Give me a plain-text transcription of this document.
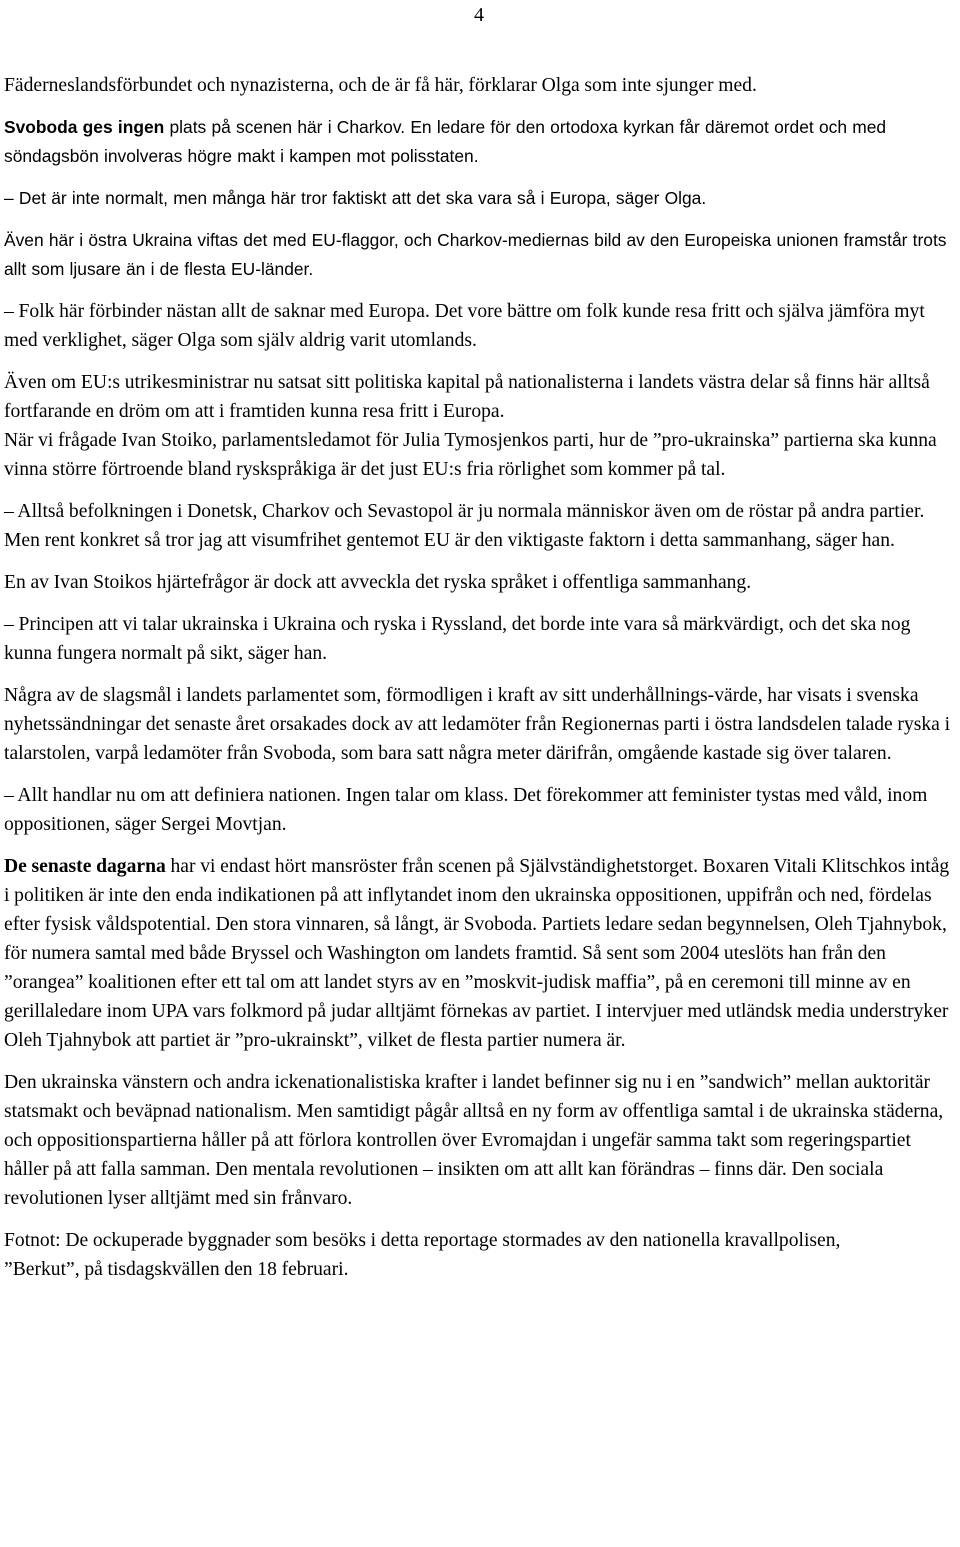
4

Fäderneslandsförbundet och nynazisterna, och de är få här, förklarar Olga som inte sjunger med.

Svoboda ges ingen plats på scenen här i Charkov. En ledare för den ortodoxa kyrkan får däremot ordet och med söndagsbön involveras högre makt i kampen mot polisstaten.

– Det är inte normalt, men många här tror faktiskt att det ska vara så i Europa, säger Olga.

Även här i östra Ukraina viftas det med EU-flaggor, och Charkov-mediernas bild av den Europeiska unionen framstår trots allt som ljusare än i de flesta EU-länder.

– Folk här förbinder nästan allt de saknar med Europa. Det vore bättre om folk kunde resa fritt och själva jämföra myt med verklighet, säger Olga som själv aldrig varit utomlands.

Även om EU:s utrikesministrar nu satsat sitt politiska kapital på nationalisterna i landets västra delar så finns här alltså fortfarande en dröm om att i framtiden kunna resa fritt i Europa.

När vi frågade Ivan Stoiko, parlamentsledamot för Julia Tymosjenkos parti, hur de ”pro-ukrainska” partierna ska kunna vinna större förtroende bland ryskspråkiga är det just EU:s fria rörlighet som kommer på tal.

– Alltså befolkningen i Donetsk, Charkov och Sevastopol är ju normala människor även om de röstar på andra partier. Men rent konkret så tror jag att visumfrihet gentemot EU är den viktigaste faktorn i detta sammanhang, säger han.

En av Ivan Stoikos hjärtefrågor är dock att avveckla det ryska språket i offentliga sammanhang.

– Principen att vi talar ukrainska i Ukraina och ryska i Ryssland, det borde inte vara så märkvärdigt, och det ska nog kunna fungera normalt på sikt, säger han.

Några av de slagsmål i landets parlamentet som, förmodligen i kraft av sitt underhållnings-värde, har visats i svenska nyhetssändningar det senaste året orsakades dock av att ledamöter från Regionernas parti i östra landsdelen talade ryska i talarstolen, varpå ledamöter från Svoboda, som bara satt några meter därifrån, omgående kastade sig över talaren.

– Allt handlar nu om att definiera nationen. Ingen talar om klass. Det förekommer att feminister tystas med våld, inom oppositionen, säger Sergei Movtjan.

De senaste dagarna har vi endast hört mansröster från scenen på Självständighetstorget. Boxaren Vitali Klitschkos intåg i politiken är inte den enda indikationen på att inflytandet inom den ukrainska oppositionen, uppifrån och ned, fördelas efter fysisk våldspotential. Den stora vinnaren, så långt, är Svoboda. Partiets ledare sedan begynnelsen, Oleh Tjahnybok, för numera samtal med både Bryssel och Washington om landets framtid. Så sent som 2004 uteslöts han från den ”orangea” koalitionen efter ett tal om att landet styrs av en ”moskvit-judisk maffia”, på en ceremoni till minne av en gerillaledare inom UPA vars folkmord på judar alltjämt förnekas av partiet. I intervjuer med utländsk media understryker Oleh Tjahnybok att partiet är ”pro-ukrainskt”, vilket de flesta partier numera är.

Den ukrainska vänstern och andra ickenationalistiska krafter i landet befinner sig nu i en ”sandwich” mellan auktoritär statsmakt och beväpnad nationalism. Men samtidigt pågår alltså en ny form av offentliga samtal i de ukrainska städerna, och oppositionspartierna håller på att förlora kontrollen över Evromajdan i ungefär samma takt som regeringspartiet håller på att falla samman. Den mentala revolutionen – insikten om att allt kan förändras – finns där. Den sociala revolutionen lyser alltjämt med sin frånvaro.

Fotnot: De ockuperade byggnader som besöks i detta reportage stormades av den nationella kravallpolisen,

”Berkut”, på tisdagskvällen den 18 februari.
